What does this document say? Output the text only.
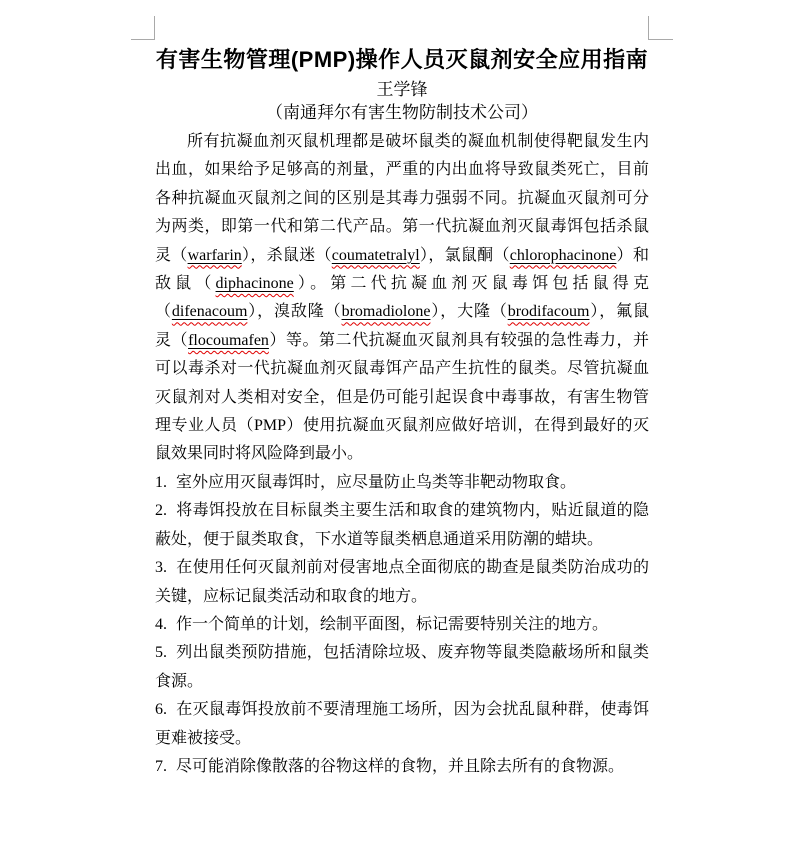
有害生物管理(PMP)操作人员灭鼠剂安全应用指南
王学锋
（南通拜尔有害生物防制技术公司）

所有抗凝血剂灭鼠机理都是破坏鼠类的凝血机制使得靶鼠发生内出血，如果给予足够高的剂量，严重的内出血将导致鼠类死亡，目前各种抗凝血灭鼠剂之间的区别是其毒力强弱不同。抗凝血灭鼠剂可分为两类，即第一代和第二代产品。第一代抗凝血剂灭鼠毒饵包括杀鼠灵（warfarin），杀鼠迷（coumatetralyl），氯鼠酮（chlorophacinone）和敌鼠（diphacinone）。第二代抗凝血剂灭鼠毒饵包括鼠得克（difenacoum），溴敌隆（bromadiolone），大隆（brodifacoum），氟鼠灵（flocoumafen）等。第二代抗凝血灭鼠剂具有较强的急性毒力，并可以毒杀对一代抗凝血剂灭鼠毒饵产品产生抗性的鼠类。尽管抗凝血灭鼠剂对人类相对安全，但是仍可能引起误食中毒事故，有害生物管理专业人员（PMP）使用抗凝血灭鼠剂应做好培训，在得到最好的灭鼠效果同时将风险降到最小。

1. 室外应用灭鼠毒饵时，应尽量防止鸟类等非靶动物取食。
2. 将毒饵投放在目标鼠类主要生活和取食的建筑物内，贴近鼠道的隐蔽处，便于鼠类取食，下水道等鼠类栖息通道采用防潮的蜡块。
3. 在使用任何灭鼠剂前对侵害地点全面彻底的勘查是鼠类防治成功的关键，应标记鼠类活动和取食的地方。
4. 作一个简单的计划，绘制平面图，标记需要特别关注的地方。
5. 列出鼠类预防措施，包括清除垃圾、废弃物等鼠类隐蔽场所和鼠类食源。
6. 在灭鼠毒饵投放前不要清理施工场所，因为会扰乱鼠种群，使毒饵更难被接受。
7. 尽可能消除像散落的谷物这样的食物，并且除去所有的食物源。
